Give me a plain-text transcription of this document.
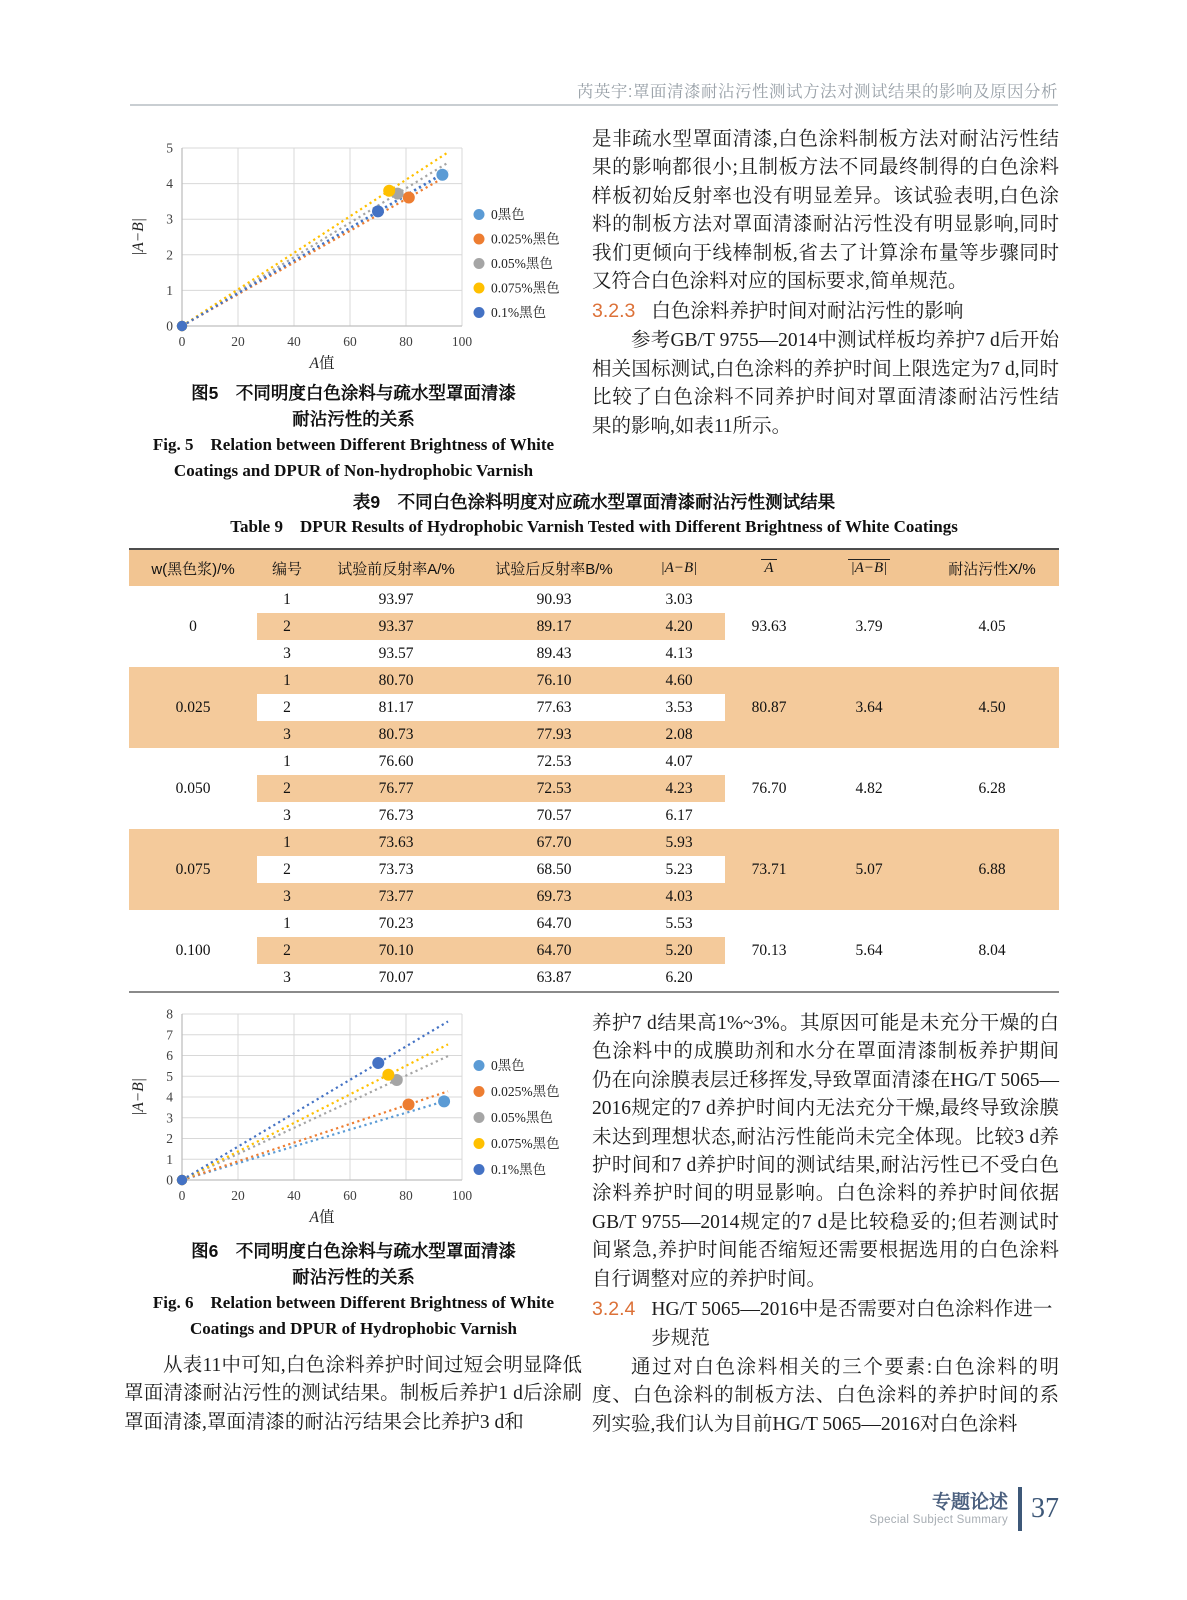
芮英宇:罩面清漆耐沾污性测试方法对测试结果的影响及原因分析
0
1
2
3
4
5
0	20	40	60	80	100
A值
|A−B|
0黑色
0.025%黑色
0.05%黑色
0.075%黑色
0.1%黑色
图5　不同明度白色涂料与疏水型罩面清漆
耐沾污性的关系
Fig. 5　Relation between Different Brightness of White
Coatings and DPUR of Non-hydrophobic Varnish

是非疏水型罩面清漆,白色涂料制板方法对耐沾污性结果的影响都很小;且制板方法不同最终制得的白色涂料样板初始反射率也没有明显差异。该试验表明,白色涂料的制板方法对罩面清漆耐沾污性没有明显影响,同时我们更倾向于线棒制板,省去了计算涂布量等步骤同时又符合白色涂料对应的国标要求,简单规范。

3.2.3 白色涂料养护时间对耐沾污性的影响

参考GB/T 9755—2014中测试样板均养护7 d后开始相关国标测试,白色涂料的养护时间上限选定为7 d,同时比较了白色涂料不同养护时间对罩面清漆耐沾污性结果的影响,如表11所示。

表9　不同白色涂料明度对应疏水型罩面清漆耐沾污性测试结果
Table 9　DPUR Results of Hydrophobic Varnish Tested with Different Brightness of White Coatings
w(黑色浆)/%	编号	试验前反射率A/%	试验后反射率B/%	|A−B|	A	|A−B|	耐沾污性X/%
0	1	93.97	90.93	3.03	93.63	3.79	4.05
	2	93.37	89.17	4.20			
	3	93.57	89.43	4.13			
0.025	1	80.70	76.10	4.60	80.87	3.64	4.50
	2	81.17	77.63	3.53			
	3	80.73	77.93	2.08			
0.050	1	76.60	72.53	4.07	76.70	4.82	6.28
	2	76.77	72.53	4.23			
	3	76.73	70.57	6.17			
0.075	1	73.63	67.70	5.93	73.71	5.07	6.88
	2	73.73	68.50	5.23			
	3	73.77	69.73	4.03			
0.100	1	70.23	64.70	5.53	70.13	5.64	8.04
	2	70.10	64.70	5.20			
	3	70.07	63.87	6.20			
0
1
2
3
4
5
6
7
8
0	20	40	60	80	100
A值
|A−B|
0黑色
0.025%黑色
0.05%黑色
0.075%黑色
0.1%黑色
图6　不同明度白色涂料与疏水型罩面清漆
耐沾污性的关系
Fig. 6　Relation between Different Brightness of White
Coatings and DPUR of Hydrophobic Varnish

从表11中可知,白色涂料养护时间过短会明显降低罩面清漆耐沾污性的测试结果。制板后养护1 d后涂刷罩面清漆,罩面清漆的耐沾污结果会比养护3 d和

养护7 d结果高1%~3%。其原因可能是未充分干燥的白色涂料中的成膜助剂和水分在罩面清漆制板养护期间仍在向涂膜表层迁移挥发,导致罩面清漆在HG/T 5065—2016规定的7 d养护时间内无法充分干燥,最终导致涂膜未达到理想状态,耐沾污性能尚未完全体现。比较3 d养护时间和7 d养护时间的测试结果,耐沾污性已不受白色涂料养护时间的明显影响。白色涂料的养护时间依据GB/T 9755—2014规定的7 d是比较稳妥的;但若测试时间紧急,养护时间能否缩短还需要根据选用的白色涂料自行调整对应的养护时间。

3.2.4 HG/T 5065—2016中是否需要对白色涂料作进一步规范

通过对白色涂料相关的三个要素:白色涂料的明度、白色涂料的制板方法、白色涂料的养护时间的系列实验,我们认为目前HG/T 5065—2016对白色涂料

专题论述
Special Subject Summary 37
